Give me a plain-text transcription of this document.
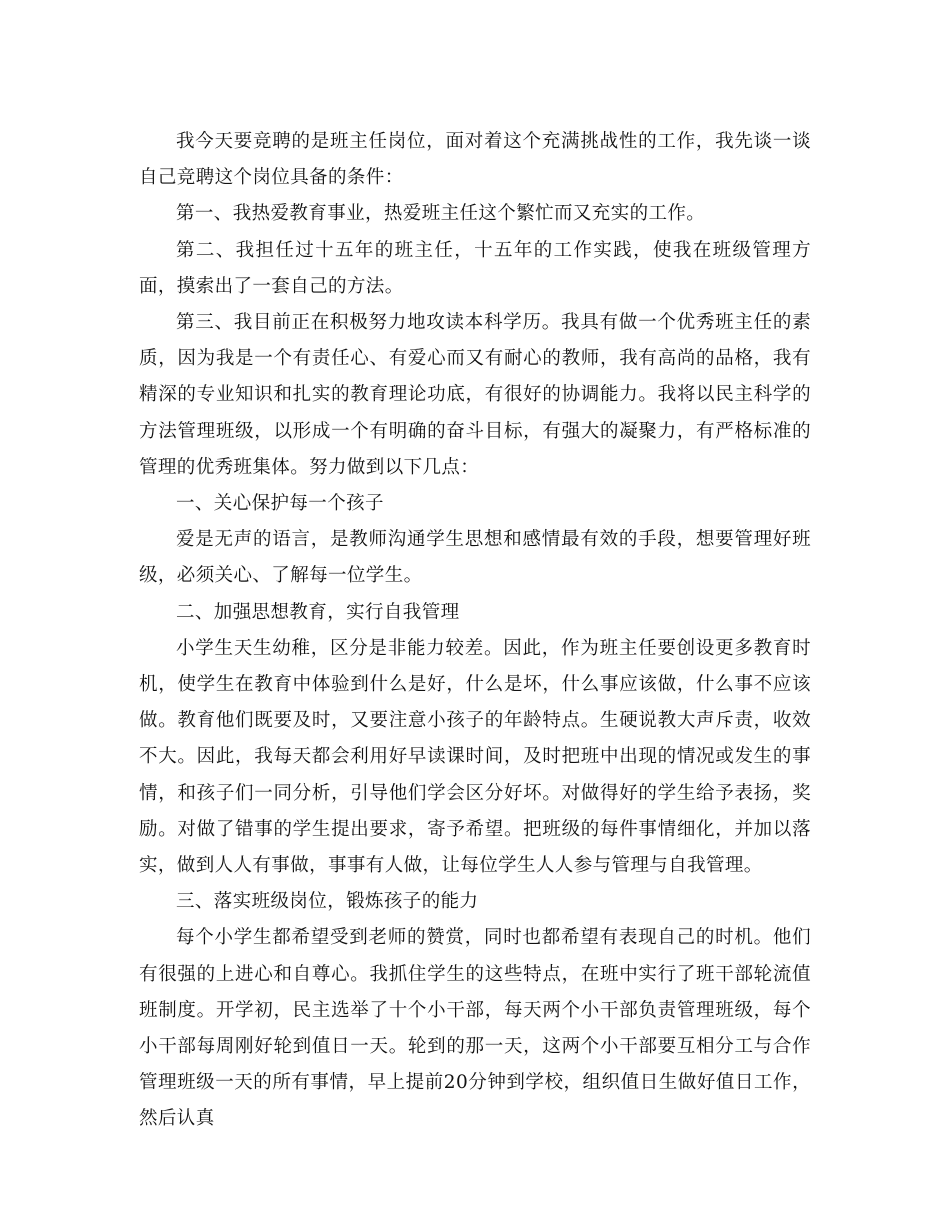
我今天要竞聘的是班主任岗位，面对着这个充满挑战性的工作，我先谈一谈自己竞聘这个岗位具备的条件：

第一、我热爱教育事业，热爱班主任这个繁忙而又充实的工作。

第二、我担任过十五年的班主任，十五年的工作实践，使我在班级管理方面，摸索出了一套自己的方法。

第三、我目前正在积极努力地攻读本科学历。我具有做一个优秀班主任的素质，因为我是一个有责任心、有爱心而又有耐心的教师，我有高尚的品格，我有精深的专业知识和扎实的教育理论功底，有很好的协调能力。我将以民主科学的方法管理班级，以形成一个有明确的奋斗目标，有强大的凝聚力，有严格标准的管理的优秀班集体。努力做到以下几点：

一、关心保护每一个孩子

爱是无声的语言，是教师沟通学生思想和感情最有效的手段，想要管理好班级，必须关心、了解每一位学生。

二、加强思想教育，实行自我管理

小学生天生幼稚，区分是非能力较差。因此，作为班主任要创设更多教育时机，使学生在教育中体验到什么是好，什么是坏，什么事应该做，什么事不应该做。教育他们既要及时，又要注意小孩子的年龄特点。生硬说教大声斥责，收效不大。因此，我每天都会利用好早读课时间，及时把班中出现的情况或发生的事情，和孩子们一同分析，引导他们学会区分好坏。对做得好的学生给予表扬，奖励。对做了错事的学生提出要求，寄予希望。把班级的每件事情细化，并加以落实，做到人人有事做，事事有人做，让每位学生人人参与管理与自我管理。

三、落实班级岗位，锻炼孩子的能力

每个小学生都希望受到老师的赞赏，同时也都希望有表现自己的时机。他们有很强的上进心和自尊心。我抓住学生的这些特点，在班中实行了班干部轮流值班制度。开学初，民主选举了十个小干部，每天两个小干部负责管理班级，每个小干部每周刚好轮到值日一天。轮到的那一天，这两个小干部要互相分工与合作管理班级一天的所有事情，早上提前20分钟到学校，组织值日生做好值日工作，然后认真
